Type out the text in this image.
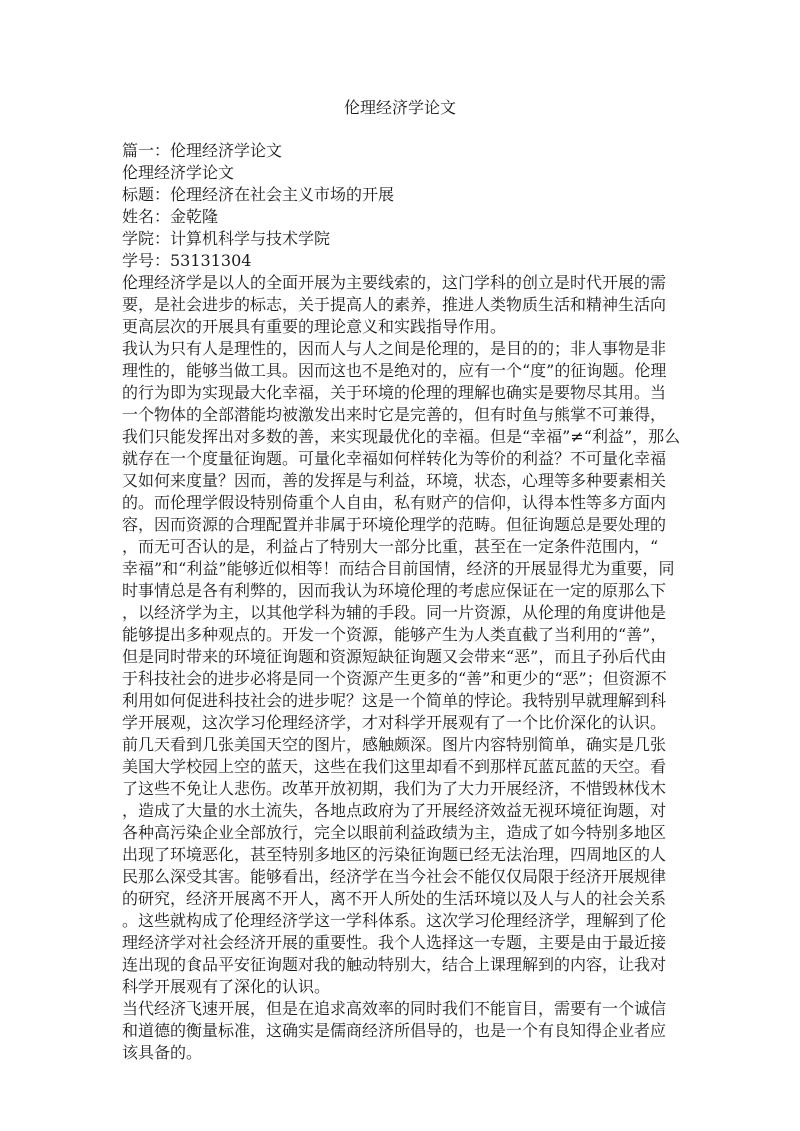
伦理经济学论文
篇一：伦理经济学论文
伦理经济学论文
标题：伦理经济在社会主义市场的开展
姓名：金乾隆
学院：计算机科学与技术学院
学号：53131304
伦理经济学是以人的全面开展为主要线索的，这门学科的创立是时代开展的需
要，是社会进步的标志，关于提高人的素养，推进人类物质生活和精神生活向
更高层次的开展具有重要的理论意义和实践指导作用。
我认为只有人是理性的，因而人与人之间是伦理的，是目的的；非人事物是非
理性的，能够当做工具。因而这也不是绝对的，应有一个“度”的征询题。伦理
的行为即为实现最大化幸福，关于环境的伦理的理解也确实是要物尽其用。当
一个物体的全部潜能均被激发出来时它是完善的，但有时鱼与熊掌不可兼得，
我们只能发挥出对多数的善，来实现最优化的幸福。但是“幸福”≠“利益”，那么
就存在一个度量征询题。可量化幸福如何样转化为等价的利益？不可量化幸福
又如何来度量？因而，善的发挥是与利益，环境，状态，心理等多种要素相关
的。而伦理学假设特别倚重个人自由，私有财产的信仰，认得本性等多方面内
容，因而资源的合理配置并非属于环境伦理学的范畴。但征询题总是要处理的
，而无可否认的是，利益占了特别大一部分比重，甚至在一定条件范围内，“
幸福”和“利益”能够近似相等！而结合目前国情，经济的开展显得尤为重要，同
时事情总是各有利弊的，因而我认为环境伦理的考虑应保证在一定的原那么下
，以经济学为主，以其他学科为辅的手段。同一片资源，从伦理的角度讲他是
能够提出多种观点的。开发一个资源，能够产生为人类直截了当利用的“善”，
但是同时带来的环境征询题和资源短缺征询题又会带来“恶”，而且子孙后代由
于科技社会的进步必将是同一个资源产生更多的“善”和更少的“恶”；但资源不
利用如何促进科技社会的进步呢？这是一个简单的悖论。我特别早就理解到科
学开展观，这次学习伦理经济学，才对科学开展观有了一个比价深化的认识。
前几天看到几张美国天空的图片，感触颇深。图片内容特别简单，确实是几张
美国大学校园上空的蓝天，这些在我们这里却看不到那样瓦蓝瓦蓝的天空。看
了这些不免让人悲伤。改革开放初期，我们为了大力开展经济，不惜毁林伐木
，造成了大量的水土流失，各地点政府为了开展经济效益无视环境征询题，对
各种高污染企业全部放行，完全以眼前利益政绩为主，造成了如今特别多地区
出现了环境恶化，甚至特别多地区的污染征询题已经无法治理，四周地区的人
民那么深受其害。能够看出，经济学在当今社会不能仅仅局限于经济开展规律
的研究，经济开展离不开人，离不开人所处的生活环境以及人与人的社会关系
。这些就构成了伦理经济学这一学科体系。这次学习伦理经济学，理解到了伦
理经济学对社会经济开展的重要性。我个人选择这一专题，主要是由于最近接
连出现的食品平安征询题对我的触动特别大，结合上课理解到的内容，让我对
科学开展观有了深化的认识。
当代经济飞速开展，但是在追求高效率的同时我们不能盲目，需要有一个诚信
和道德的衡量标准，这确实是儒商经济所倡导的，也是一个有良知得企业者应
该具备的。
